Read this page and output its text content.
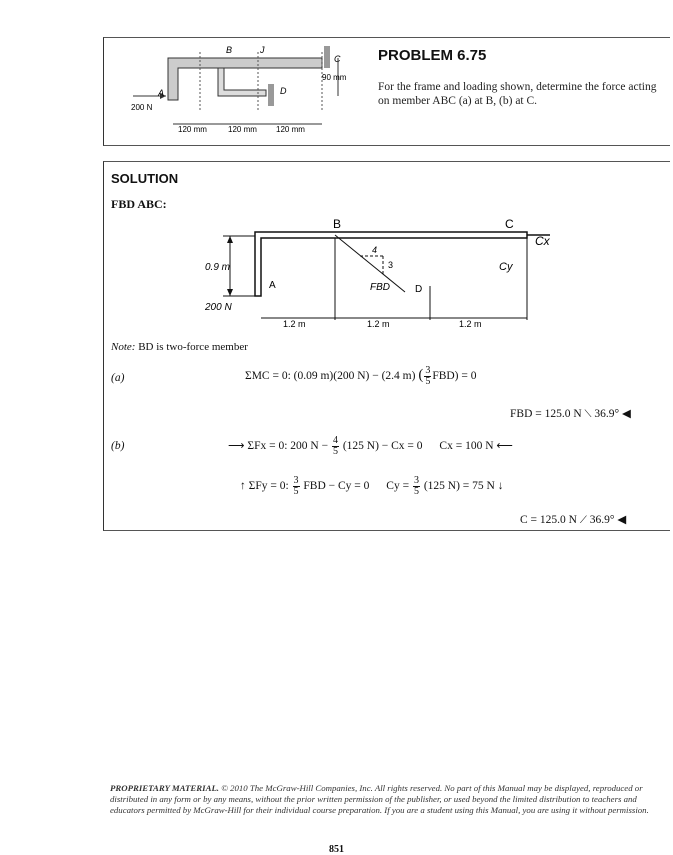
B	J
C
A	D
200 N
90 mm
120 mm	120 mm 120 mm
PROBLEM 6.75
For the frame and loading shown, determine the force acting on member ABC (a) at B, (b) at C.
SOLUTION
FBD ABC:
4
3
B	C
Cx
Cy
FBD	D
A
0.9 m
200 N
1.2 m	1.2 m	1.2 m
Note: BD is two-force member
(a)	ΣMC = 0: (0.09 m)(200 N) − (2.4 m) ( $\frac{3}{5} FBD) = 0$
FBD = 125.0 N ⟍ 36.9° ◀
(b)	⟶ ΣFx = 0: 200 $N - \frac{4}{5} (125$ N) − Cx = 0 Cx = 100 N ⟵
↑ ΣFy = 0: $\frac{3}{5}$ FBD − Cy = 0 $Cy = \frac{3}{5} (125$ N) = 75 N ↓
C = 125.0 N ⟋ 36.9° ◀
PROPRIETARY MATERIAL. © 2010 The McGraw-Hill Companies, Inc. All rights reserved. No part of this Manual may be displayed, reproduced or distributed in any form or by any means, without the prior written permission of the publisher, or used beyond the limited distribution to teachers and educators permitted by McGraw-Hill for their individual course preparation. If you are a student using this Manual, you are using it without permission.
851
